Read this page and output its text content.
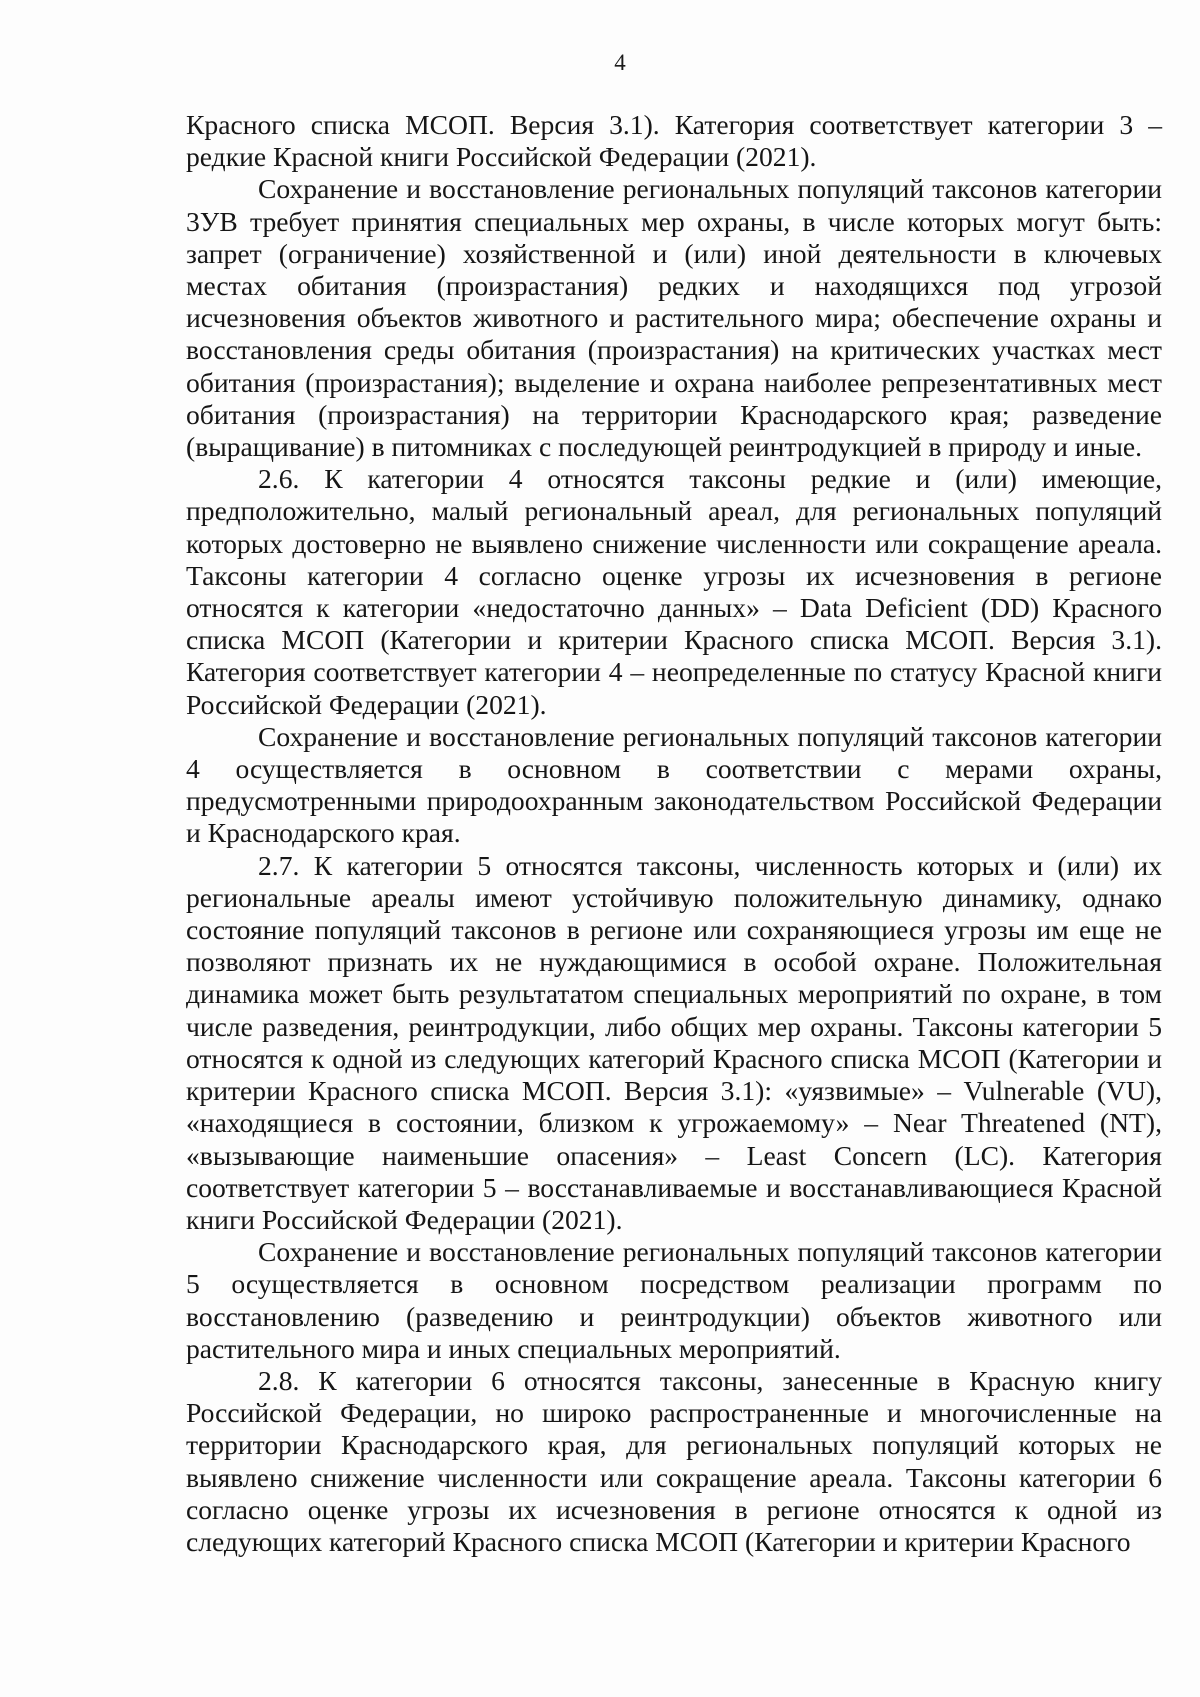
4

Красного списка МСОП. Версия 3.1). Категория соответствует категории 3 – редкие Красной книги Российской Федерации (2021).

Сохранение и восстановление региональных популяций таксонов категории 3УВ требует принятия специальных мер охраны, в числе которых могут быть: запрет (ограничение) хозяйственной и (или) иной деятельности в ключевых местах обитания (произрастания) редких и находящихся под угрозой исчезновения объектов животного и растительного мира; обеспечение охраны и восстановления среды обитания (произрастания) на критических участках мест обитания (произрастания); выделение и охрана наиболее репрезентативных мест обитания (произрастания) на территории Краснодарского края; разведение (выращивание) в питомниках с последующей реинтродукцией в природу и иные.

2.6. К категории 4 относятся таксоны редкие и (или) имеющие, предположительно, малый региональный ареал, для региональных популяций которых достоверно не выявлено снижение численности или сокращение ареала. Таксоны категории 4 согласно оценке угрозы их исчезновения в регионе относятся к категории «недостаточно данных» – Data Deficient (DD) Красного списка МСОП (Категории и критерии Красного списка МСОП. Версия 3.1). Категория соответствует категории 4 – неопределенные по статусу Красной книги Российской Федерации (2021).

Сохранение и восстановление региональных популяций таксонов категории 4 осуществляется в основном в соответствии с мерами охраны, предусмотренными природоохранным законодательством Российской Федерации и Краснодарского края.

2.7. К категории 5 относятся таксоны, численность которых и (или) их региональные ареалы имеют устойчивую положительную динамику, однако состояние популяций таксонов в регионе или сохраняющиеся угрозы им еще не позволяют признать их не нуждающимися в особой охране. Положительная динамика может быть результататом специальных мероприятий по охране, в том числе разведения, реинтродукции, либо общих мер охраны. Таксоны категории 5 относятся к одной из следующих категорий Красного списка МСОП (Категории и критерии Красного списка МСОП. Версия 3.1): «уязвимые» – Vulnerable (VU), «находящиеся в состоянии, близком к угрожаемому» – Near Threatened (NT), «вызывающие наименьшие опасения» – Least Concern (LC). Категория соответствует категории 5 – восстанавливаемые и восстанавливающиеся Красной книги Российской Федерации (2021).

Сохранение и восстановление региональных популяций таксонов категории 5 осуществляется в основном посредством реализации программ по восстановлению (разведению и реинтродукции) объектов животного или растительного мира и иных специальных мероприятий.

2.8. К категории 6 относятся таксоны, занесенные в Красную книгу Российской Федерации, но широко распространенные и многочисленные на территории Краснодарского края, для региональных популяций которых не выявлено снижение численности или сокращение ареала. Таксоны категории 6 согласно оценке угрозы их исчезновения в регионе относятся к одной из следующих категорий Красного списка МСОП (Категории и критерии Красного
